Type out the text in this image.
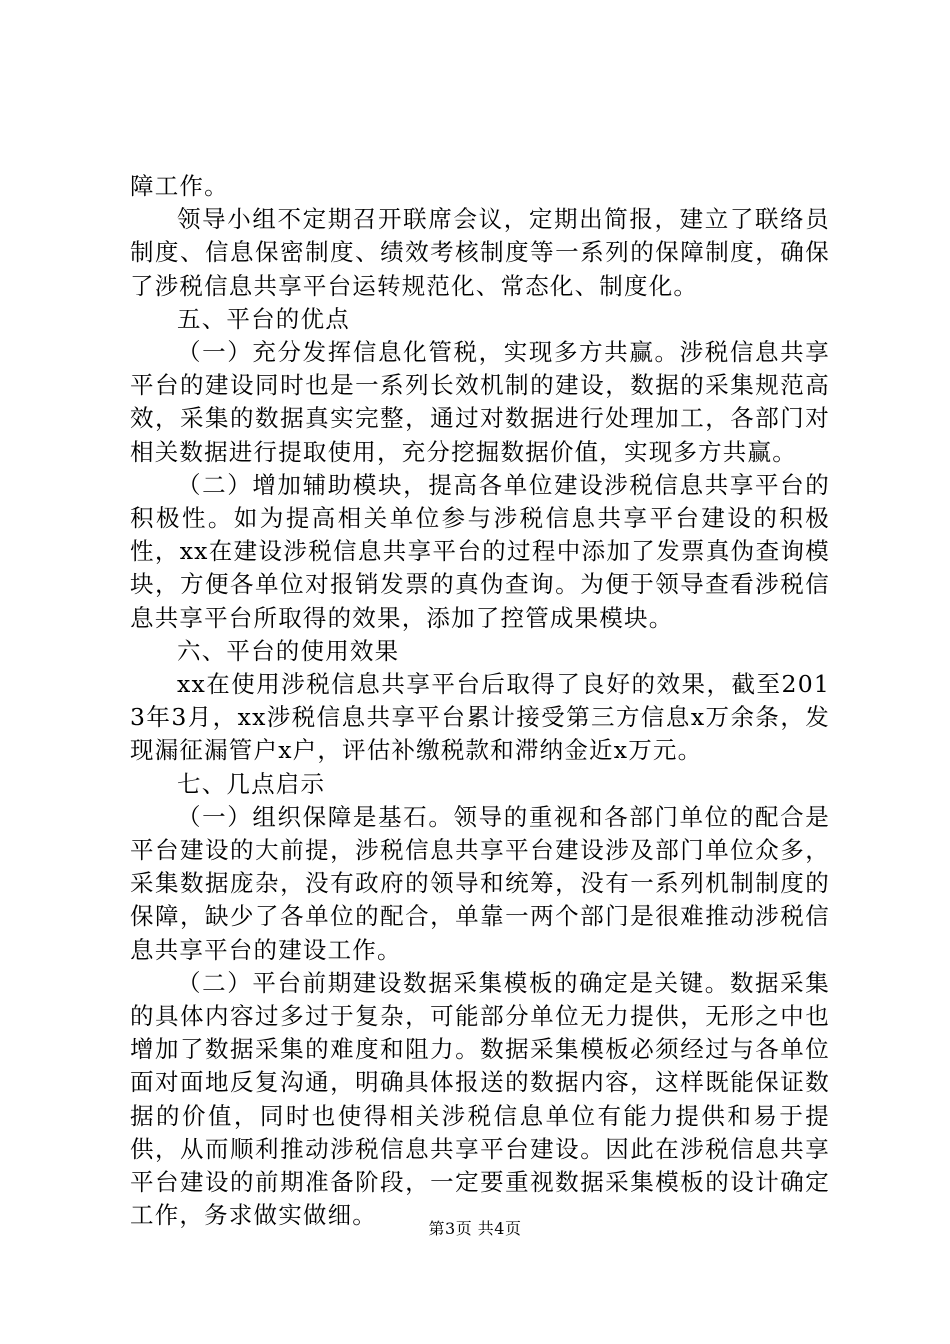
障工作。

领导小组不定期召开联席会议，定期出简报，建立了联络员制度、信息保密制度、绩效考核制度等一系列的保障制度，确保了涉税信息共享平台运转规范化、常态化、制度化。

五、平台的优点

（一）充分发挥信息化管税，实现多方共赢。涉税信息共享平台的建设同时也是一系列长效机制的建设，数据的采集规范高效，采集的数据真实完整，通过对数据进行处理加工，各部门对相关数据进行提取使用，充分挖掘数据价值，实现多方共赢。

（二）增加辅助模块，提高各单位建设涉税信息共享平台的积极性。如为提高相关单位参与涉税信息共享平台建设的积极性，xx在建设涉税信息共享平台的过程中添加了发票真伪查询模块，方便各单位对报销发票的真伪查询。为便于领导查看涉税信息共享平台所取得的效果，添加了控管成果模块。

六、平台的使用效果

xx在使用涉税信息共享平台后取得了良好的效果，截至2013年3月，xx涉税信息共享平台累计接受第三方信息x万余条，发现漏征漏管户x户，评估补缴税款和滞纳金近x万元。

七、几点启示

（一）组织保障是基石。领导的重视和各部门单位的配合是平台建设的大前提，涉税信息共享平台建设涉及部门单位众多，采集数据庞杂，没有政府的领导和统筹，没有一系列机制制度的保障，缺少了各单位的配合，单靠一两个部门是很难推动涉税信息共享平台的建设工作。

（二）平台前期建设数据采集模板的确定是关键。数据采集的具体内容过多过于复杂，可能部分单位无力提供，无形之中也增加了数据采集的难度和阻力。数据采集模板必须经过与各单位面对面地反复沟通，明确具体报送的数据内容，这样既能保证数据的价值，同时也使得相关涉税信息单位有能力提供和易于提供，从而顺利推动涉税信息共享平台建设。因此在涉税信息共享平台建设的前期准备阶段，一定要重视数据采集模板的设计确定工作，务求做实做细。	第3页 共4页
